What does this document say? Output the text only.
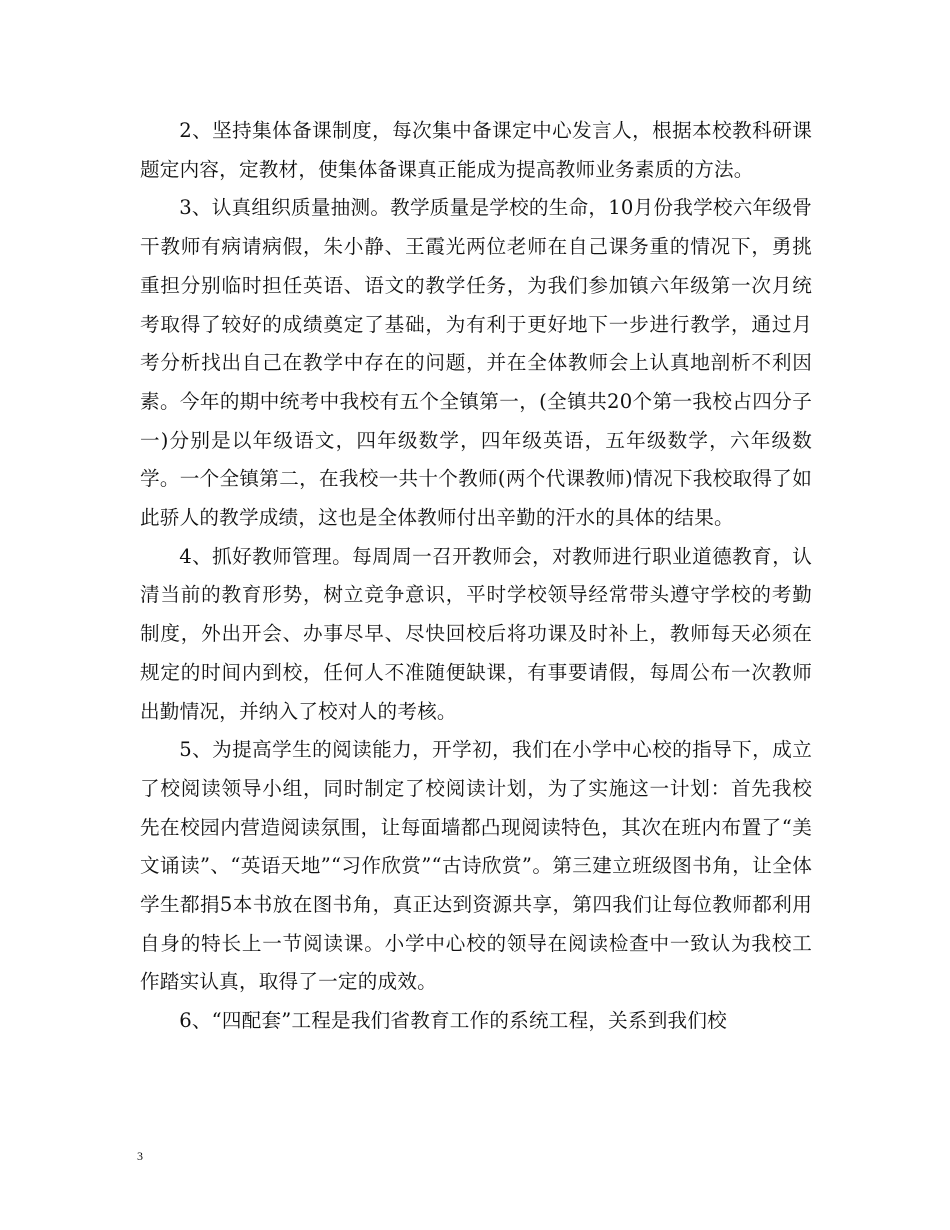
2、坚持集体备课制度，每次集中备课定中心发言人，根据本校教科研课题定内容，定教材，使集体备课真正能成为提高教师业务素质的方法。

3、认真组织质量抽测。教学质量是学校的生命，10月份我学校六年级骨干教师有病请病假，朱小静、王霞光两位老师在自己课务重的情况下，勇挑重担分别临时担任英语、语文的教学任务，为我们参加镇六年级第一次月统考取得了较好的成绩奠定了基础，为有利于更好地下一步进行教学，通过月考分析找出自己在教学中存在的问题，并在全体教师会上认真地剖析不利因素。今年的期中统考中我校有五个全镇第一，(全镇共20个第一我校占四分子一)分别是以年级语文，四年级数学，四年级英语，五年级数学，六年级数学。一个全镇第二，在我校一共十个教师(两个代课教师)情况下我校取得了如此骄人的教学成绩，这也是全体教师付出辛勤的汗水的具体的结果。

4、抓好教师管理。每周周一召开教师会，对教师进行职业道德教育，认清当前的教育形势，树立竞争意识，平时学校领导经常带头遵守学校的考勤制度，外出开会、办事尽早、尽快回校后将功课及时补上，教师每天必须在规定的时间内到校，任何人不准随便缺课，有事要请假，每周公布一次教师出勤情况，并纳入了校对人的考核。

5、为提高学生的阅读能力，开学初，我们在小学中心校的指导下，成立了校阅读领导小组，同时制定了校阅读计划，为了实施这一计划：首先我校先在校园内营造阅读氛围，让每面墙都凸现阅读特色，其次在班内布置了“美文诵读”、“英语天地”“习作欣赏”“古诗欣赏”。第三建立班级图书角，让全体学生都捐5本书放在图书角，真正达到资源共享，第四我们让每位教师都利用自身的特长上一节阅读课。小学中心校的领导在阅读检查中一致认为我校工作踏实认真，取得了一定的成效。

6、“四配套”工程是我们省教育工作的系统工程，关系到我们校

3
